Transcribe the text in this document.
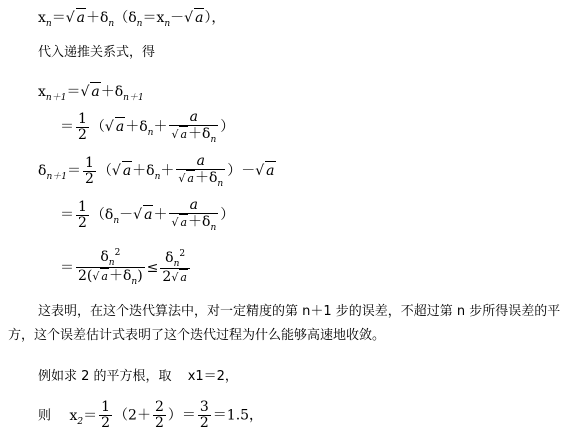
$x_n=√$ $a+\delta_n(\delta_n=x_n-√$ a），
代入递推关系式，得
$x_{n+1}=√$ $a+\delta_{n+1}$
＝ $\frac{1}{2}$ （√ $a+\delta_n+ \frac{a}{√ a+\delta_n}$ ）
$\delta_{n+1}= \frac{1}{2}$ （√ $a+\delta_n+ \frac{a}{√ a+\delta_n}$ ）－√ a
＝ $\frac{1}{2} (\delta_n-√$ $a+ \frac{a}{√ a+\delta_n}$ ）
＝ $\frac{\delta_n^2}{2(√ a+\delta_n)} \le \frac{\delta_n^2}{2√ a}$
这表明，在这个迭代算法中，对一定精度的第 n＋1 步的误差，不超过第 n 步所得误差的平方，这个误差估计式表明了这个迭代过程为什么能够高速地收敛。
例如求 2 的平方根，取 x1＝2，
则 $x_2= \frac{1}{2} (2+ \frac{2}{2}$ ）＝ $\frac{3}{2} =1.5$，
